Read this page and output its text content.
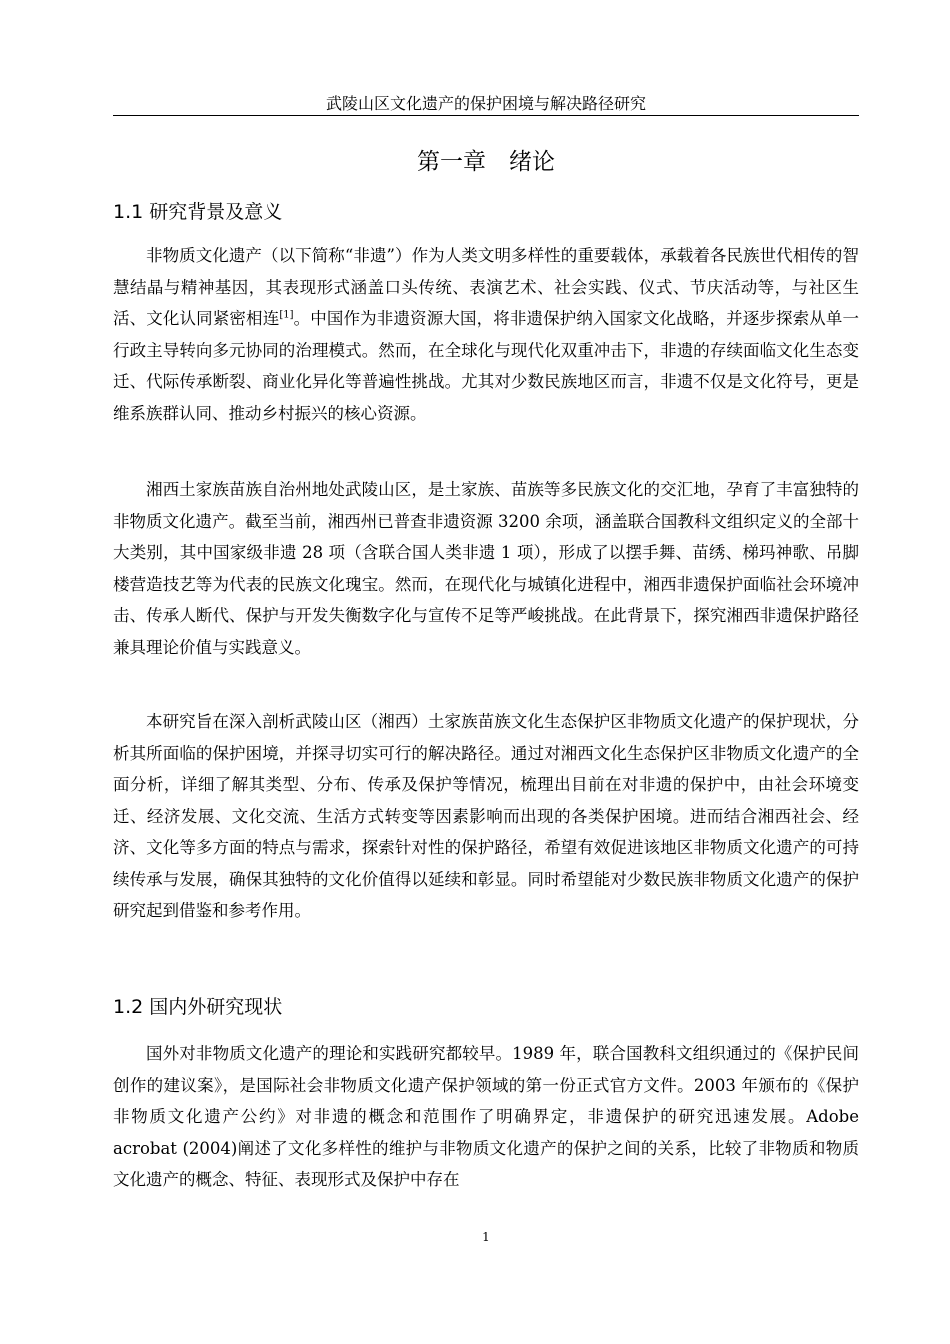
武陵山区文化遗产的保护困境与解决路径研究
第一章　绪论
1.1 研究背景及意义

非物质文化遗产（以下简称“非遗”）作为人类文明多样性的重要载体，承载着各民族世代相传的智慧结晶与精神基因，其表现形式涵盖口头传统、表演艺术、社会实践、仪式、节庆活动等，与社区生活、文化认同紧密相连[1]。中国作为非遗资源大国，将非遗保护纳入国家文化战略，并逐步探索从单一行政主导转向多元协同的治理模式。然而，在全球化与现代化双重冲击下，非遗的存续面临文化生态变迁、代际传承断裂、商业化异化等普遍性挑战。尤其对少数民族地区而言，非遗不仅是文化符号，更是维系族群认同、推动乡村振兴的核心资源。

湘西土家族苗族自治州地处武陵山区，是土家族、苗族等多民族文化的交汇地，孕育了丰富独特的非物质文化遗产。截至当前，湘西州已普查非遗资源 3200 余项，涵盖联合国教科文组织定义的全部十大类别，其中国家级非遗 28 项（含联合国人类非遗 1 项），形成了以摆手舞、苗绣、梯玛神歌、吊脚楼营造技艺等为代表的民族文化瑰宝。然而，在现代化与城镇化进程中，湘西非遗保护面临社会环境冲击、传承人断代、保护与开发失衡数字化与宣传不足等严峻挑战。在此背景下，探究湘西非遗保护路径兼具理论价值与实践意义。

本研究旨在深入剖析武陵山区（湘西）土家族苗族文化生态保护区非物质文化遗产的保护现状，分析其所面临的保护困境，并探寻切实可行的解决路径。通过对湘西文化生态保护区非物质文化遗产的全面分析，详细了解其类型、分布、传承及保护等情况，梳理出目前在对非遗的保护中，由社会环境变迁、经济发展、文化交流、生活方式转变等因素影响而出现的各类保护困境。进而结合湘西社会、经济、文化等多方面的特点与需求，探索针对性的保护路径，希望有效促进该地区非物质文化遗产的可持续传承与发展，确保其独特的文化价值得以延续和彰显。同时希望能对少数民族非物质文化遗产的保护研究起到借鉴和参考作用。

1.2 国内外研究现状

国外对非物质文化遗产的理论和实践研究都较早。1989 年，联合国教科文组织通过的《保护民间创作的建议案》，是国际社会非物质文化遗产保护领域的第一份正式官方文件。2003 年颁布的《保护非物质文化遗产公约》对非遗的概念和范围作了明确界定，非遗保护的研究迅速发展。Adobe acrobat (2004)阐述了文化多样性的维护与非物质文化遗产的保护之间的关系，比较了非物质和物质文化遗产的概念、特征、表现形式及保护中存在

1
